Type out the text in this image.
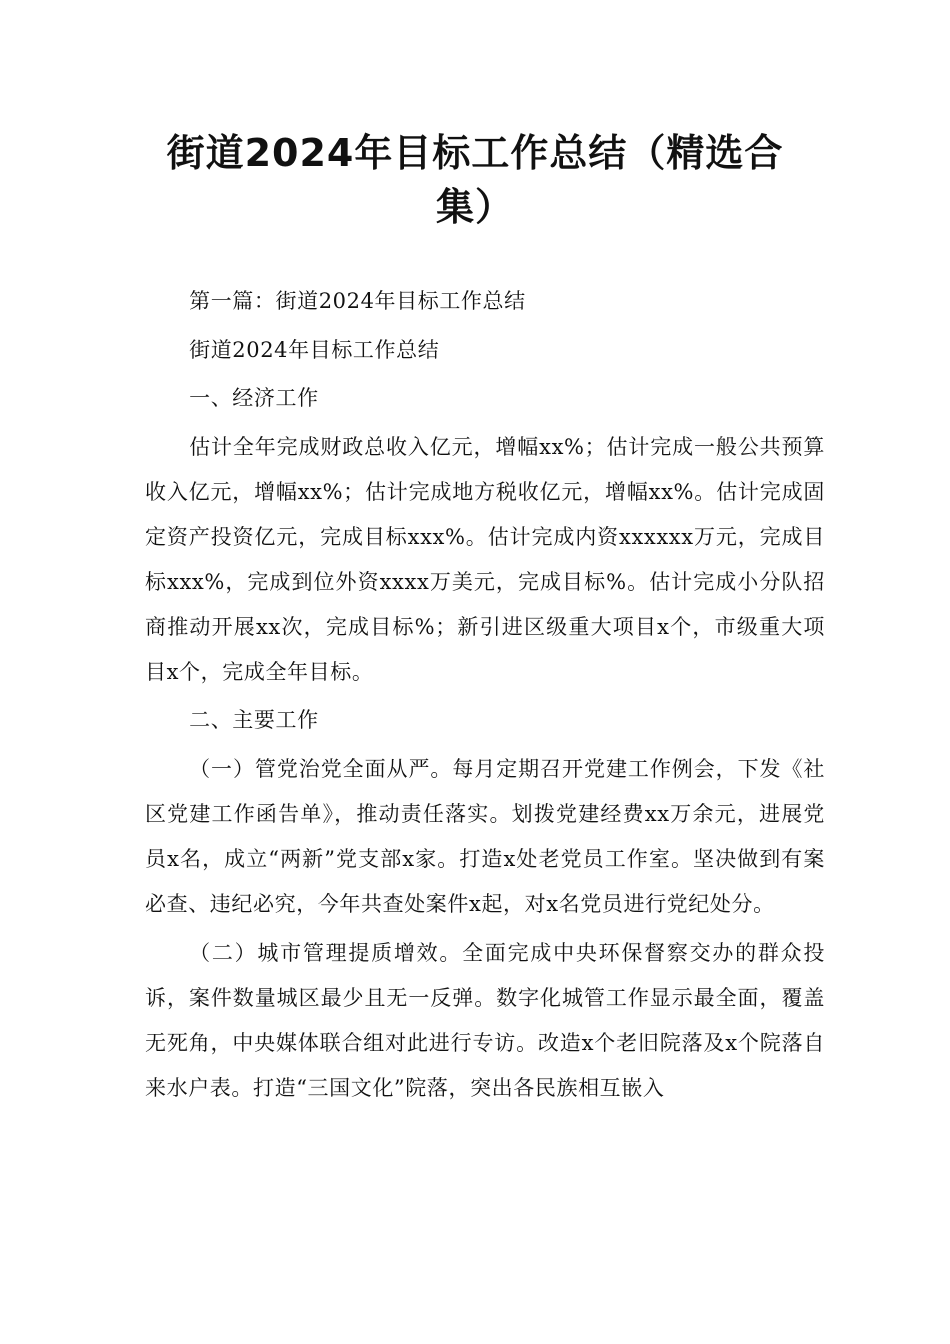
街道2024年目标工作总结（精选合集）

第一篇：街道2024年目标工作总结

街道2024年目标工作总结

一、经济工作

估计全年完成财政总收入亿元，增幅xx%；估计完成一般公共预算收入亿元，增幅xx%；估计完成地方税收亿元，增幅xx%。估计完成固定资产投资亿元，完成目标xxx%。估计完成内资xxxxxx万元，完成目标xxx%，完成到位外资xxxx万美元，完成目标%。估计完成小分队招商推动开展xx次，完成目标%；新引进区级重大项目x个，市级重大项目x个，完成全年目标。

二、主要工作

（一）管党治党全面从严。每月定期召开党建工作例会，下发《社区党建工作函告单》，推动责任落实。划拨党建经费xx万余元，进展党员x名，成立“两新”党支部x家。打造x处老党员工作室。坚决做到有案必查、违纪必究，今年共查处案件x起，对x名党员进行党纪处分。

（二）城市管理提质增效。全面完成中央环保督察交办的群众投诉，案件数量城区最少且无一反弹。数字化城管工作显示最全面，覆盖无死角，中央媒体联合组对此进行专访。改造x个老旧院落及x个院落自来水户表。打造“三国文化”院落，突出各民族相互嵌入
